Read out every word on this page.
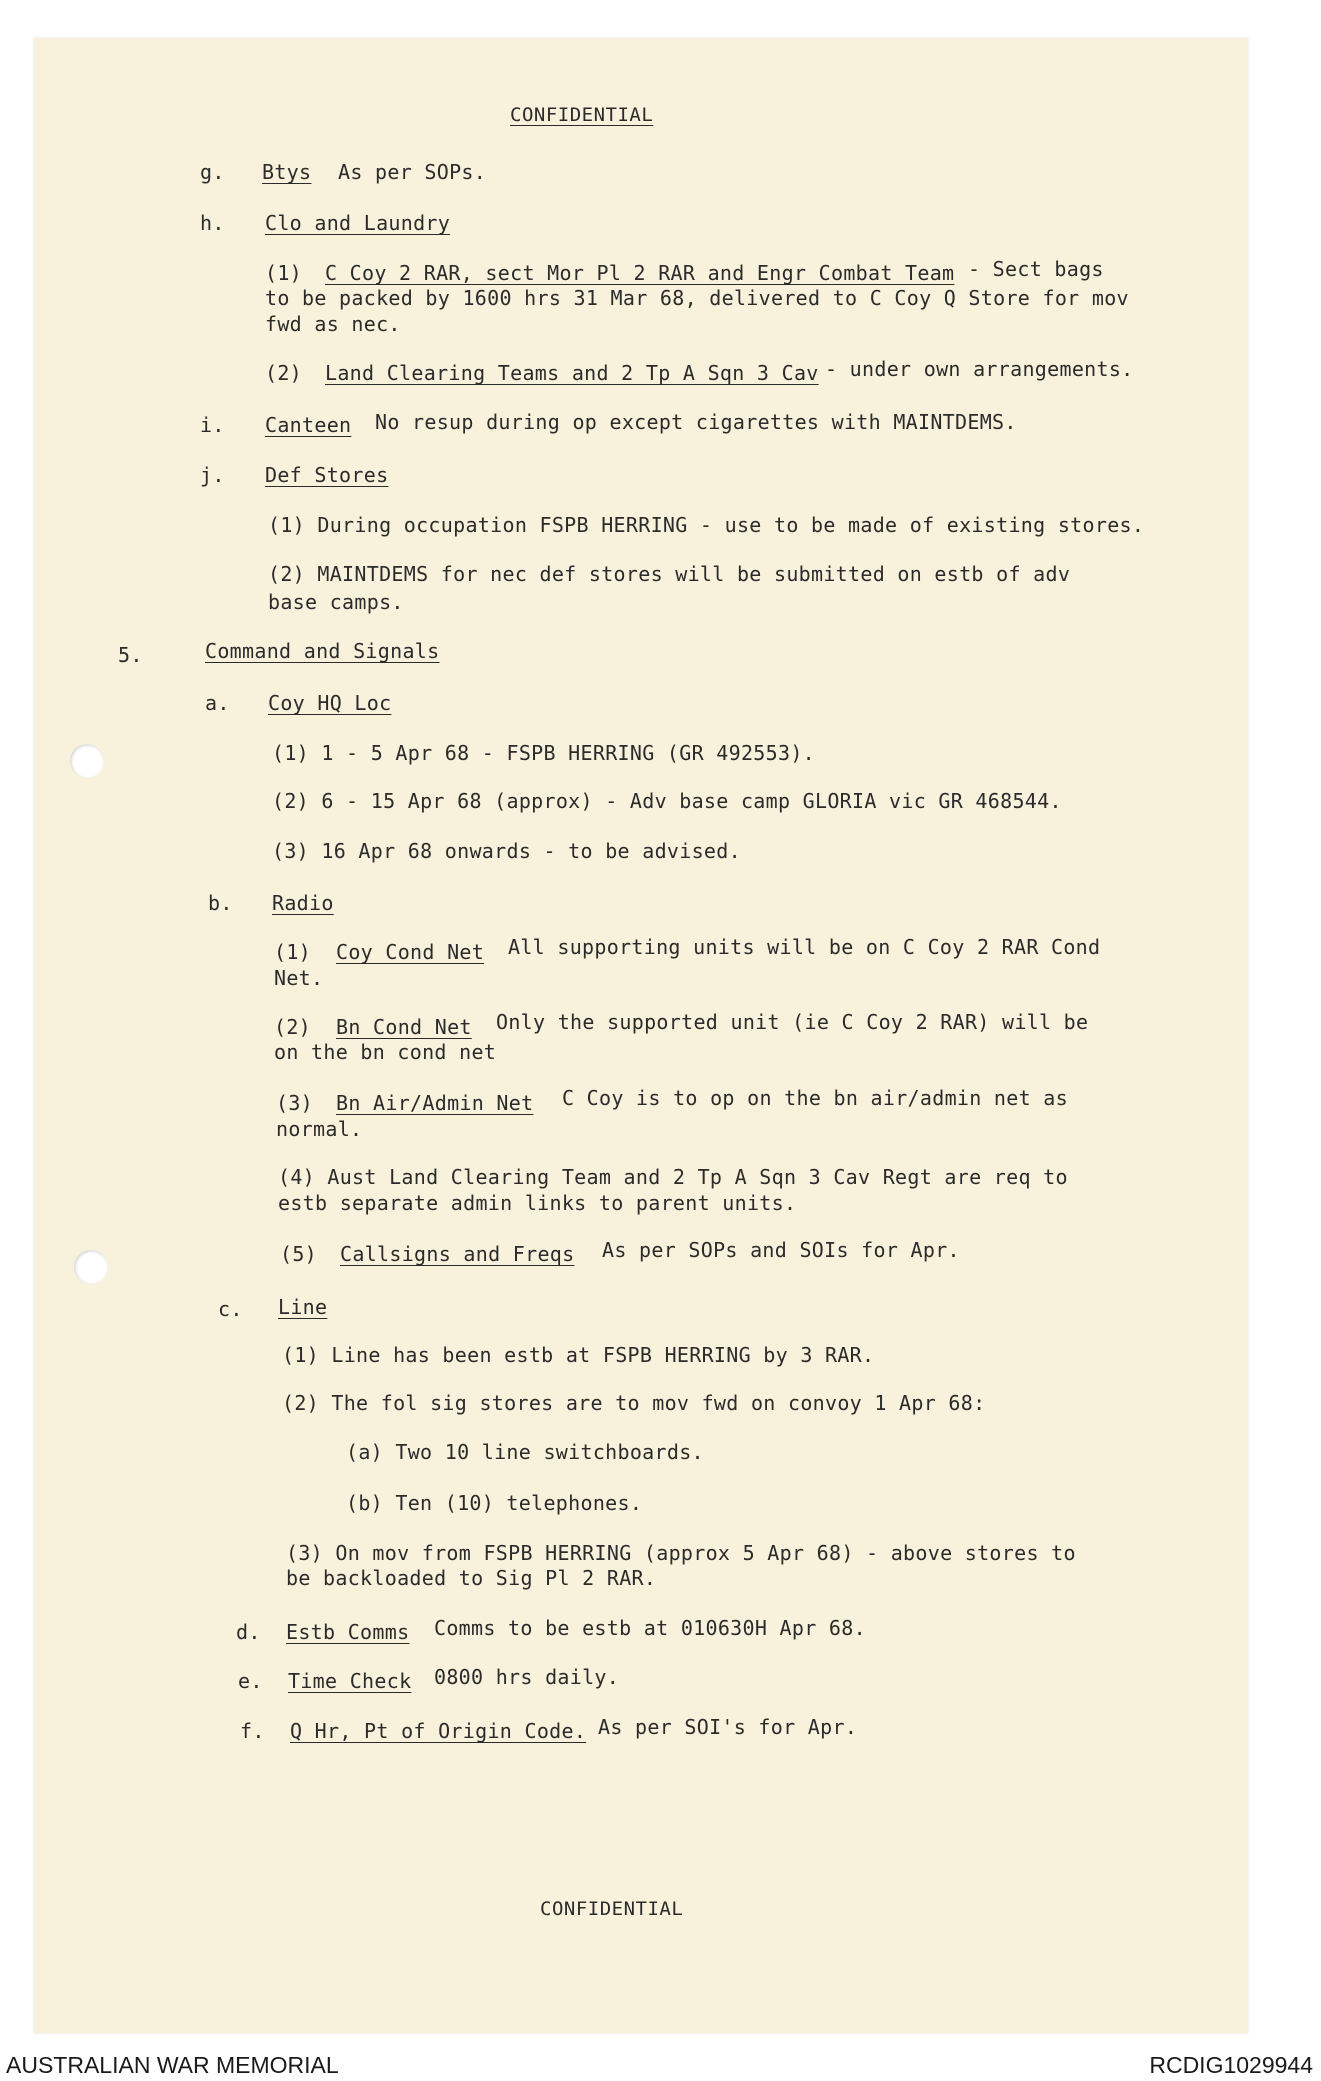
CONFIDENTIAL
g. Btys As per SOPs.
h. Clo and Laundry
(1) C Coy 2 RAR, sect Mor Pl 2 RAR and Engr Combat Team - Sect bags
to be packed by 1600 hrs 31 Mar 68, delivered to C Coy Q Store for mov
fwd as nec.
(2) Land Clearing Teams and 2 Tp A Sqn 3 Cav - under own arrangements.
i. Canteen No resup during op except cigarettes with MAINTDEMS.
j. Def Stores
(1) During occupation FSPB HERRING - use to be made of existing stores.
(2) MAINTDEMS for nec def stores will be submitted on estb of adv
base camps.
5.	Command and Signals
a. Coy HQ Loc
(1) 1 - 5 Apr 68 - FSPB HERRING (GR 492553).
(2) 6 - 15 Apr 68 (approx) - Adv base camp GLORIA vic GR 468544.
(3) 16 Apr 68 onwards - to be advised.
b. Radio
(1) Coy Cond Net All supporting units will be on C Coy 2 RAR Cond
Net.
(2) Bn Cond Net Only the supported unit (ie C Coy 2 RAR) will be
on the bn cond net
(3) Bn Air/Admin Net C Coy is to op on the bn air/admin net as
normal.
(4) Aust Land Clearing Team and 2 Tp A Sqn 3 Cav Regt are req to
estb separate admin links to parent units.
(5) Callsigns and Freqs As per SOPs and SOIs for Apr.
c. Line
(1) Line has been estb at FSPB HERRING by 3 RAR.
(2) The fol sig stores are to mov fwd on convoy 1 Apr 68:
(a) Two 10 line switchboards.
(b) Ten (10) telephones.
(3) On mov from FSPB HERRING (approx 5 Apr 68) - above stores to
be backloaded to Sig Pl 2 RAR.
d. Estb Comms Comms to be estb at 010630H Apr 68.
e. Time Check 0800 hrs daily.
f. Q Hr, Pt of Origin Code. As per SOI's for Apr.
CONFIDENTIAL
AUSTRALIAN WAR MEMORIAL	RCDIG1029944
